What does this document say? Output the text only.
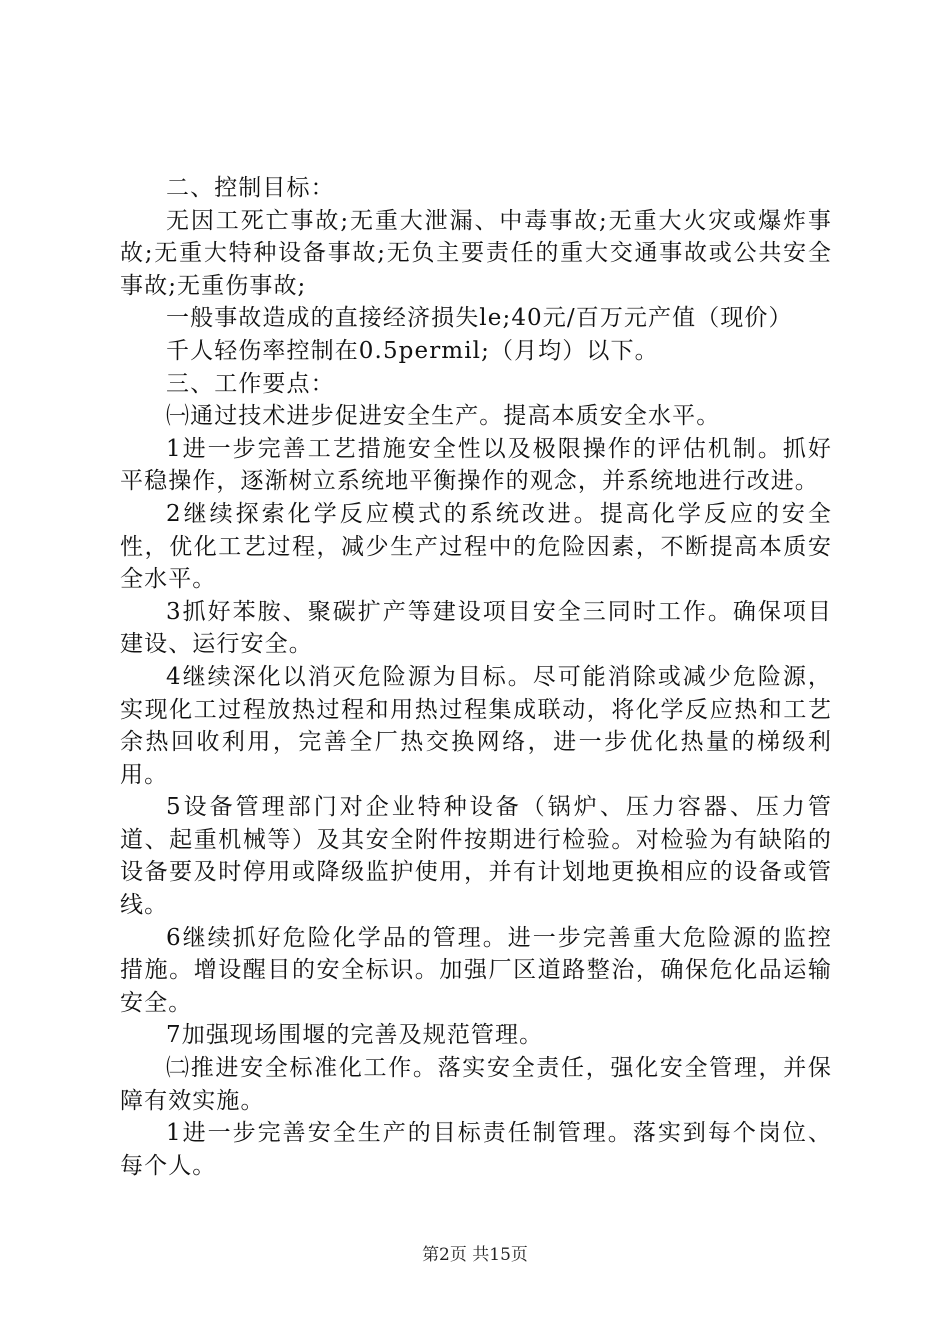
二、控制目标：

无因工死亡事故;无重大泄漏、中毒事故;无重大火灾或爆炸事故;无重大特种设备事故;无负主要责任的重大交通事故或公共安全事故;无重伤事故;

一般事故造成的直接经济损失le;40元/百万元产值（现价）

千人轻伤率控制在0.5permil;（月均）以下。

三、工作要点：

㈠通过技术进步促进安全生产。提高本质安全水平。

1进一步完善工艺措施安全性以及极限操作的评估机制。抓好平稳操作，逐渐树立系统地平衡操作的观念，并系统地进行改进。

2继续探索化学反应模式的系统改进。提高化学反应的安全性，优化工艺过程，减少生产过程中的危险因素，不断提高本质安全水平。

3抓好苯胺、聚碳扩产等建设项目安全三同时工作。确保项目建设、运行安全。

4继续深化以消灭危险源为目标。尽可能消除或减少危险源，实现化工过程放热过程和用热过程集成联动，将化学反应热和工艺余热回收利用，完善全厂热交换网络，进一步优化热量的梯级利用。

5设备管理部门对企业特种设备（锅炉、压力容器、压力管道、起重机械等）及其安全附件按期进行检验。对检验为有缺陷的设备要及时停用或降级监护使用，并有计划地更换相应的设备或管线。

6继续抓好危险化学品的管理。进一步完善重大危险源的监控措施。增设醒目的安全标识。加强厂区道路整治，确保危化品运输安全。

7加强现场围堰的完善及规范管理。

㈡推进安全标准化工作。落实安全责任，强化安全管理，并保障有效实施。

1进一步完善安全生产的目标责任制管理。落实到每个岗位、每个人。

第2页 共15页
